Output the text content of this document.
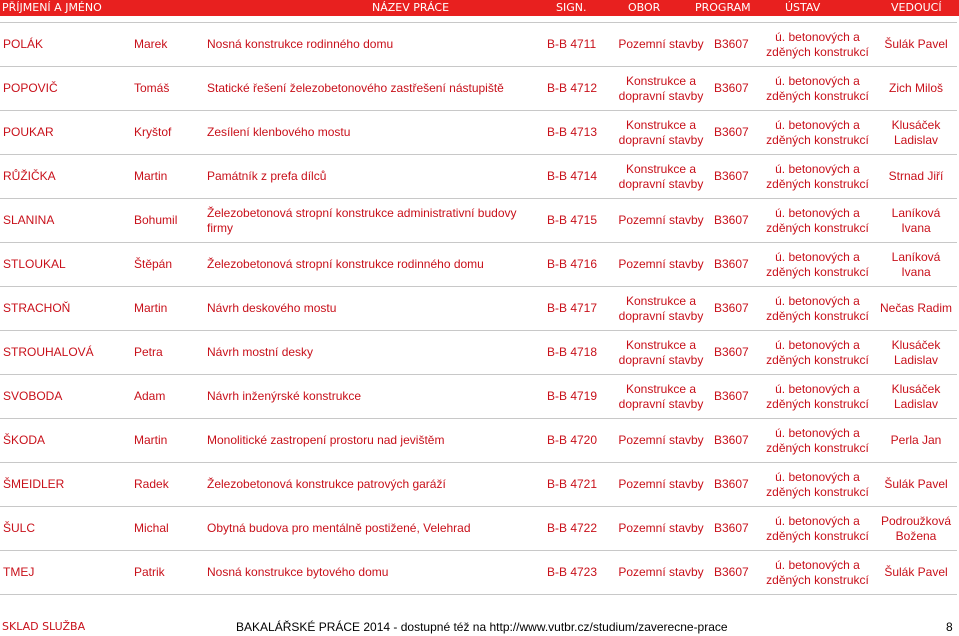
PŘÍJMENÍ A JMÉNO	NÁZEV PRÁCE	SIGN.	OBOR	PROGRAM	ÚSTAV	VEDOUCÍ
POLÁK	Marek	Nosná konstrukce rodinného domu	B-B 4711	Pozemní stavby	B3607	ú. betonových a zděných konstrukcí	Šulák Pavel
POPOVIČ	Tomáš	Statické řešení železobetonového zastřešení nástupiště	B-B 4712	Konstrukce a dopravní stavby	B3607	ú. betonových a zděných konstrukcí	Zich Miloš
POUKAR	Kryštof	Zesílení klenbového mostu	B-B 4713	Konstrukce a dopravní stavby	B3607	ú. betonových a zděných konstrukcí	Klusáček Ladislav
RŮŽIČKA	Martin	Památník z prefa dílců	B-B 4714	Konstrukce a dopravní stavby	B3607	ú. betonových a zděných konstrukcí	Strnad Jiří
SLANINA	Bohumil	Železobetonová stropní konstrukce administrativní budovy firmy	B-B 4715	Pozemní stavby	B3607	ú. betonových a zděných konstrukcí	Laníková Ivana
STLOUKAL	Štěpán	Železobetonová stropní konstrukce rodinného domu	B-B 4716	Pozemní stavby	B3607	ú. betonových a zděných konstrukcí	Laníková Ivana
STRACHOŇ	Martin	Návrh deskového mostu	B-B 4717	Konstrukce a dopravní stavby	B3607	ú. betonových a zděných konstrukcí	Nečas Radim
STROUHALOVÁ	Petra	Návrh mostní desky	B-B 4718	Konstrukce a dopravní stavby	B3607	ú. betonových a zděných konstrukcí	Klusáček Ladislav
SVOBODA	Adam	Návrh inženýrské konstrukce	B-B 4719	Konstrukce a dopravní stavby	B3607	ú. betonových a zděných konstrukcí	Klusáček Ladislav
ŠKODA	Martin	Monolitické zastropení prostoru nad jevištěm	B-B 4720	Pozemní stavby	B3607	ú. betonových a zděných konstrukcí	Perla Jan
ŠMEIDLER	Radek	Železobetonová konstrukce patrových garáží	B-B 4721	Pozemní stavby	B3607	ú. betonových a zděných konstrukcí	Šulák Pavel
ŠULC	Michal	Obytná budova pro mentálně postižené, Velehrad	B-B 4722	Pozemní stavby	B3607	ú. betonových a zděných konstrukcí	Podroužková Božena
TMEJ	Patrik	Nosná konstrukce bytového domu	B-B 4723	Pozemní stavby	B3607	ú. betonových a zděných konstrukcí	Šulák Pavel
SKLAD SLUŽBA	BAKALÁŘSKÉ PRÁCE 2014 - dostupné též na http://www.vutbr.cz/studium/zaverecne-prace	8
